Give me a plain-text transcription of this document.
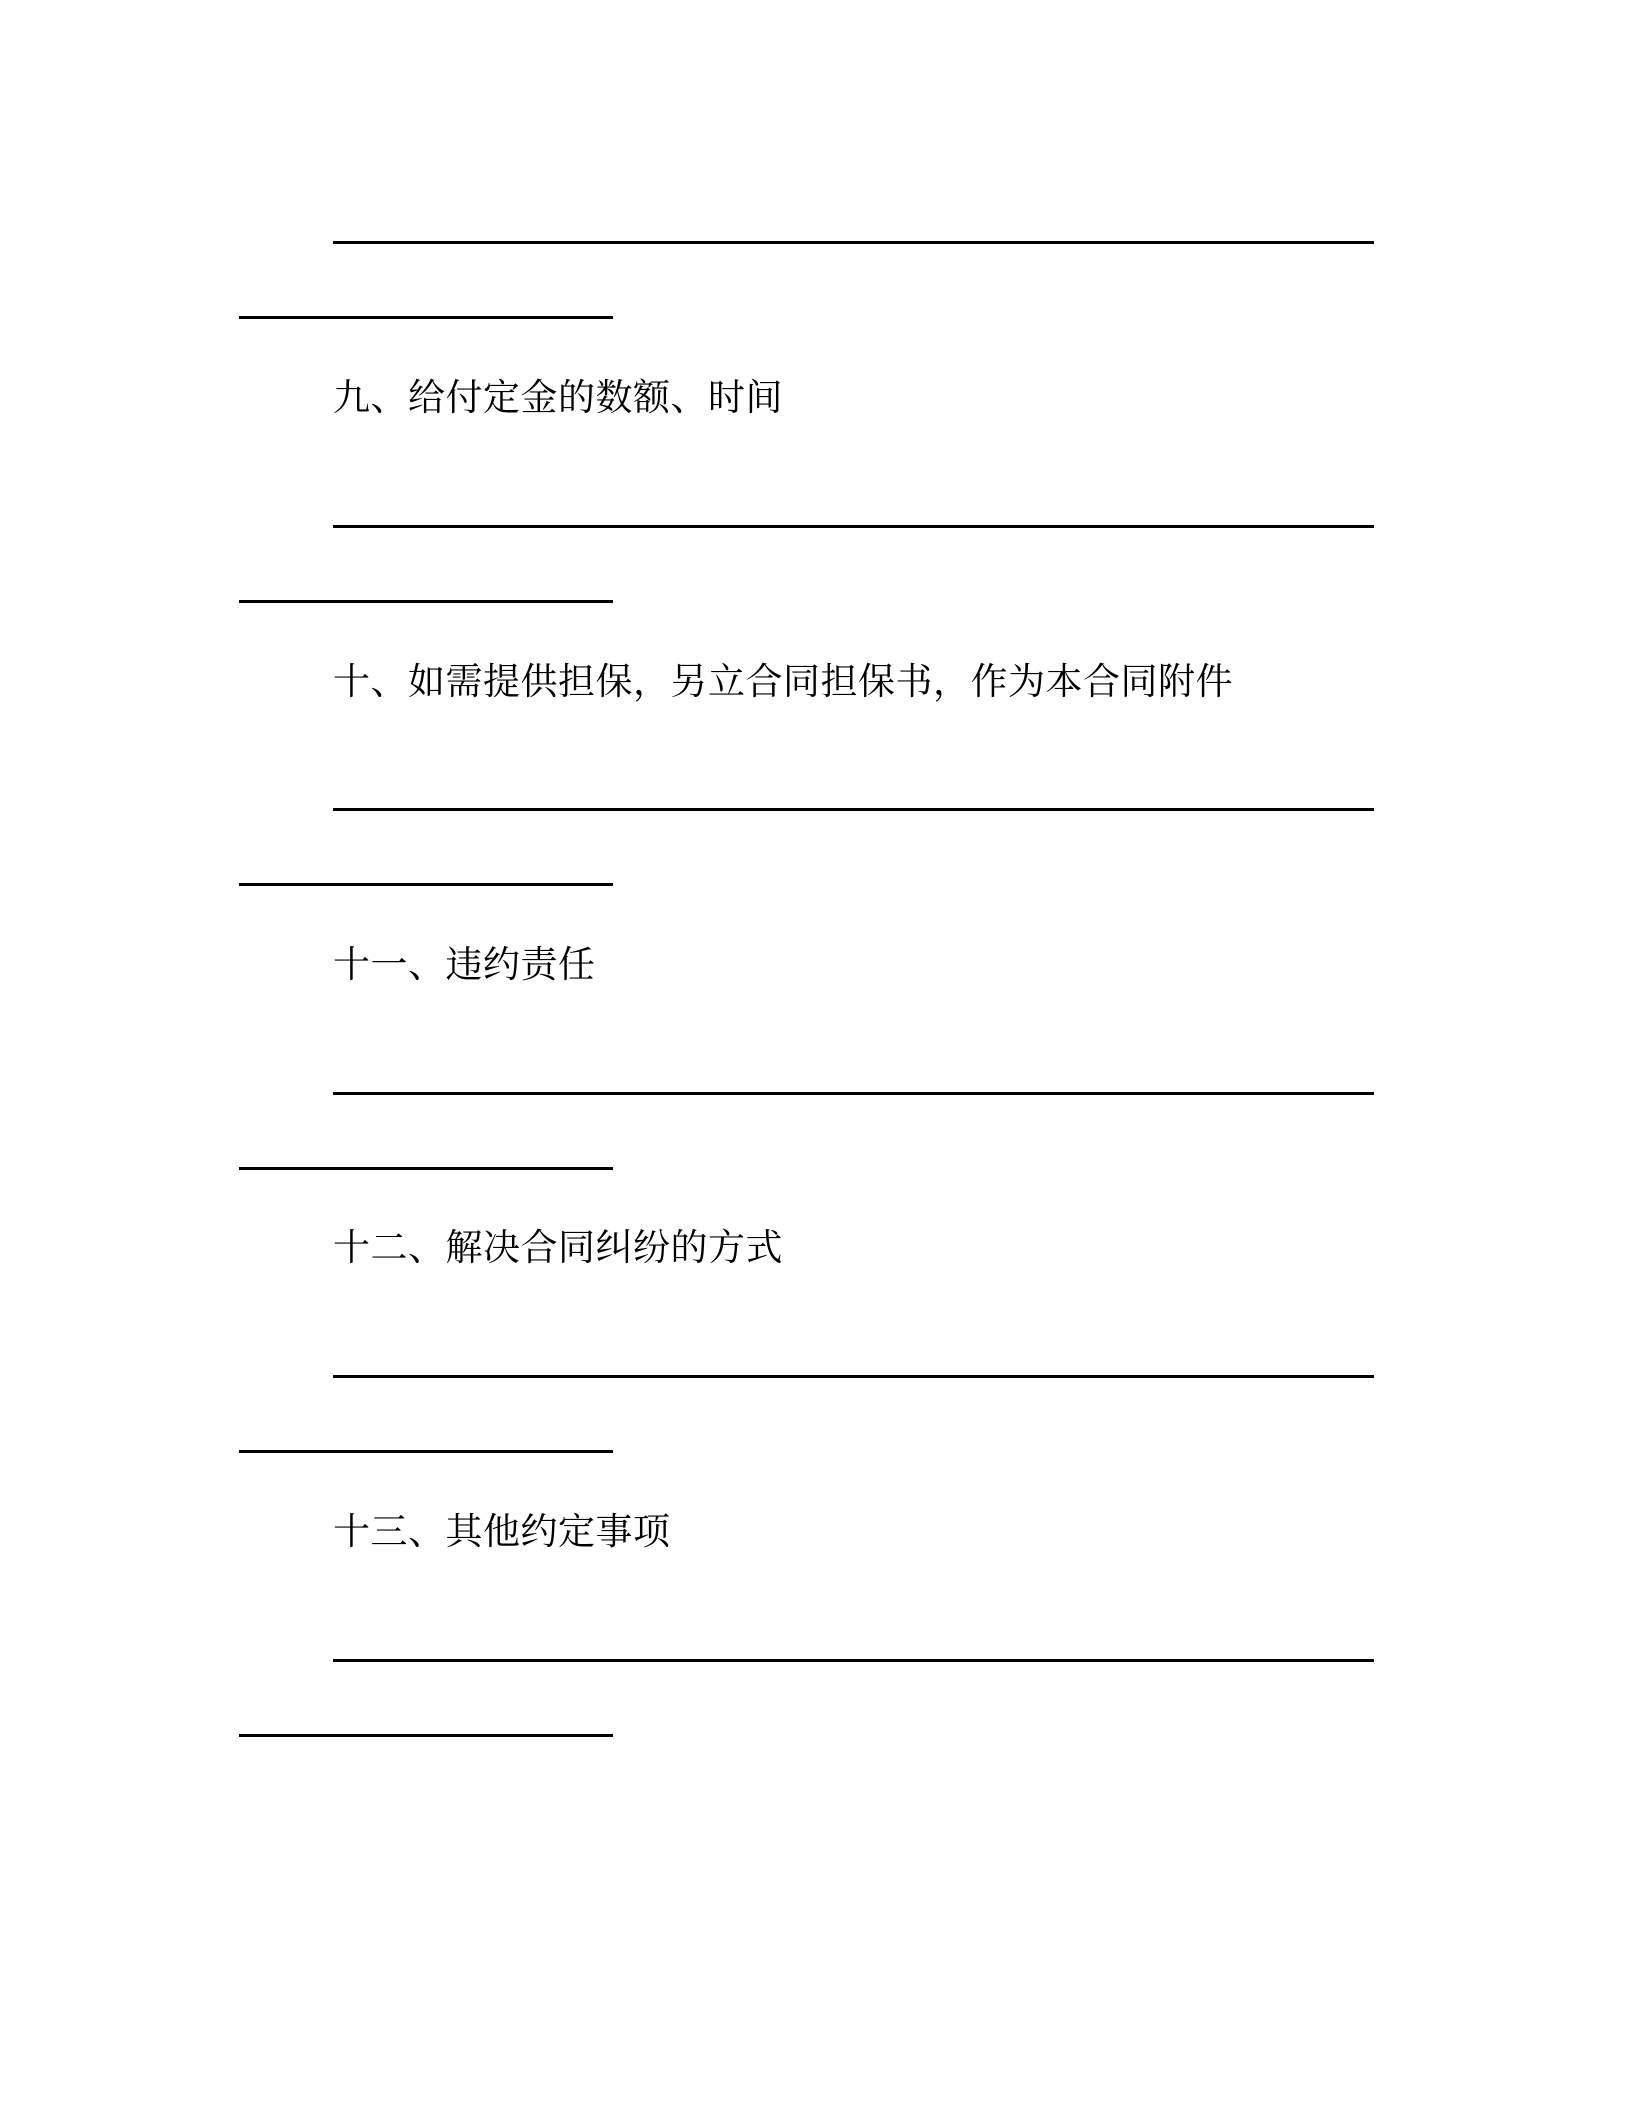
九、给付定金的数额、时间
十、如需提供担保，另立合同担保书，作为本合同附件
十一、违约责任
十二、解决合同纠纷的方式
十三、其他约定事项
